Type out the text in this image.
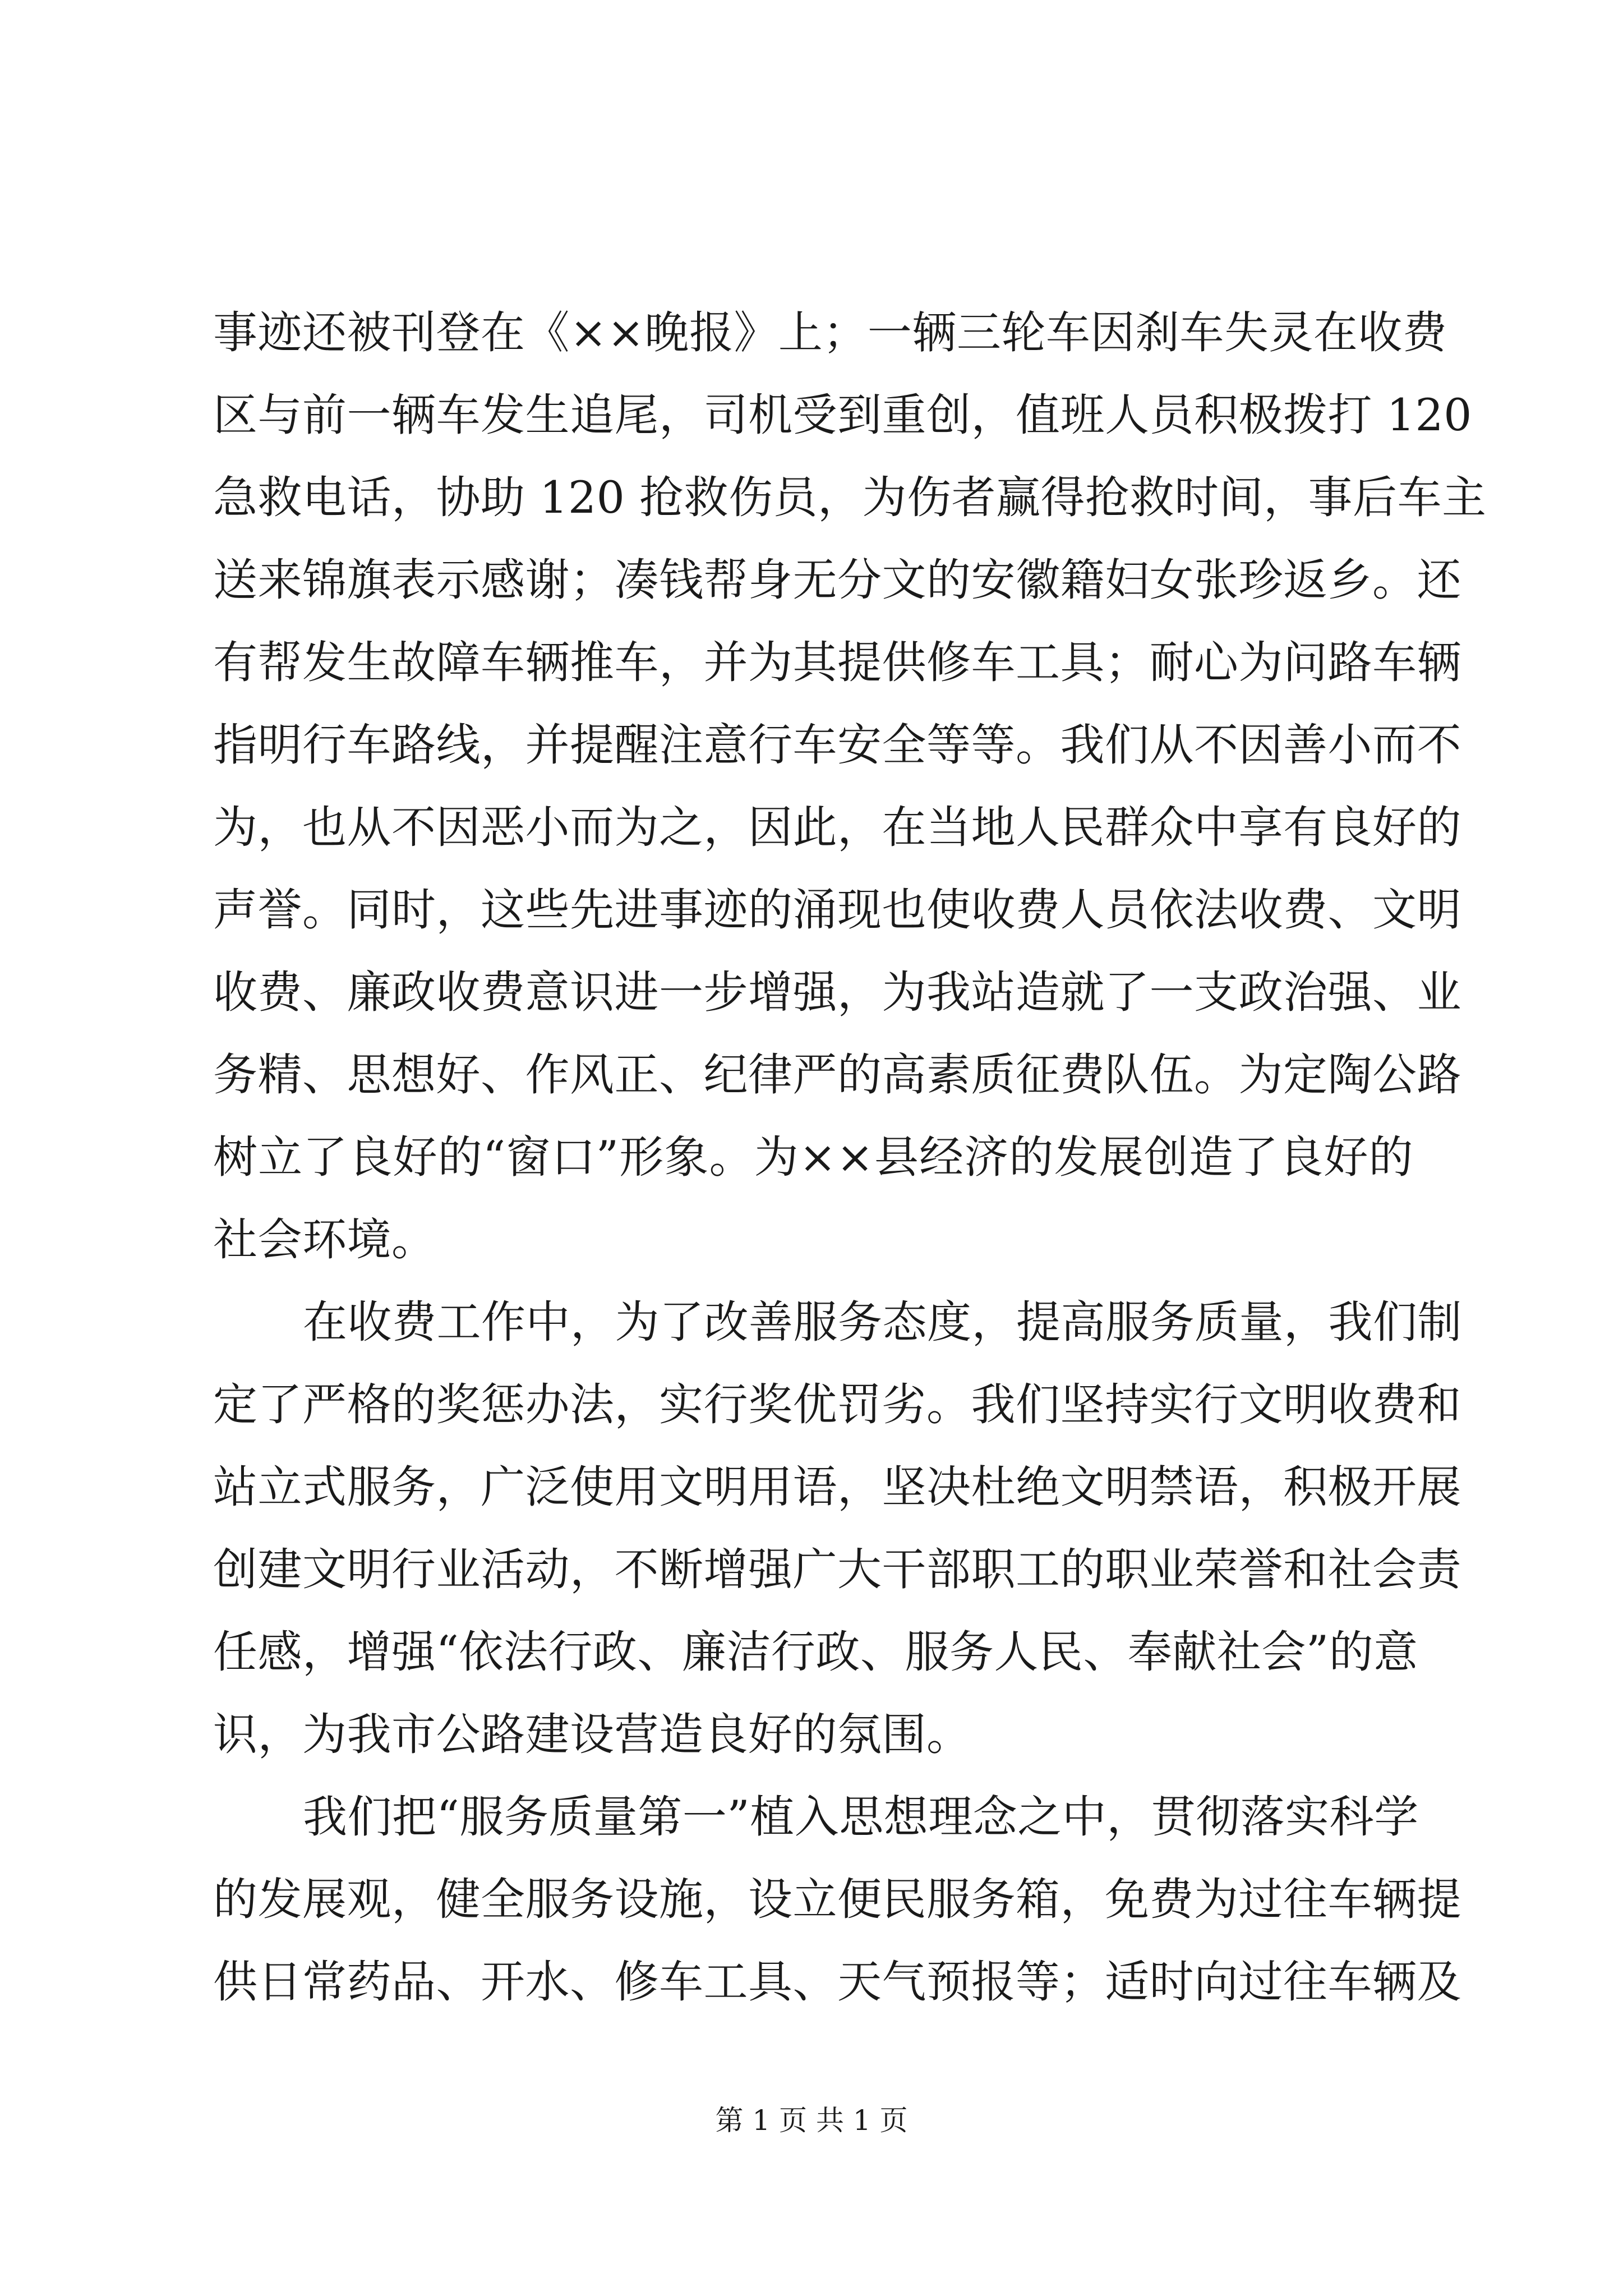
事迹还被刊登在《××晚报》上；一辆三轮车因刹车失灵在收费
区与前一辆车发生追尾，司机受到重创，值班人员积极拨打 120
急救电话，协助 120 抢救伤员，为伤者赢得抢救时间，事后车主
送来锦旗表示感谢；凑钱帮身无分文的安徽籍妇女张珍返乡。还
有帮发生故障车辆推车，并为其提供修车工具；耐心为问路车辆
指明行车路线，并提醒注意行车安全等等。我们从不因善小而不
为，也从不因恶小而为之，因此，在当地人民群众中享有良好的
声誉。同时，这些先进事迹的涌现也使收费人员依法收费、文明
收费、廉政收费意识进一步增强，为我站造就了一支政治强、业
务精、思想好、作风正、纪律严的高素质征费队伍。为定陶公路
树立了良好的“窗口”形象。为××县经济的发展创造了良好的
社会环境。
在收费工作中，为了改善服务态度，提高服务质量，我们制
定了严格的奖惩办法，实行奖优罚劣。我们坚持实行文明收费和
站立式服务，广泛使用文明用语，坚决杜绝文明禁语，积极开展
创建文明行业活动，不断增强广大干部职工的职业荣誉和社会责
任感，增强“依法行政、廉洁行政、服务人民、奉献社会”的意
识，为我市公路建设营造良好的氛围。
我们把“服务质量第一”植入思想理念之中，贯彻落实科学
的发展观，健全服务设施，设立便民服务箱，免费为过往车辆提
供日常药品、开水、修车工具、天气预报等；适时向过往车辆及
第 1 页 共 1 页
